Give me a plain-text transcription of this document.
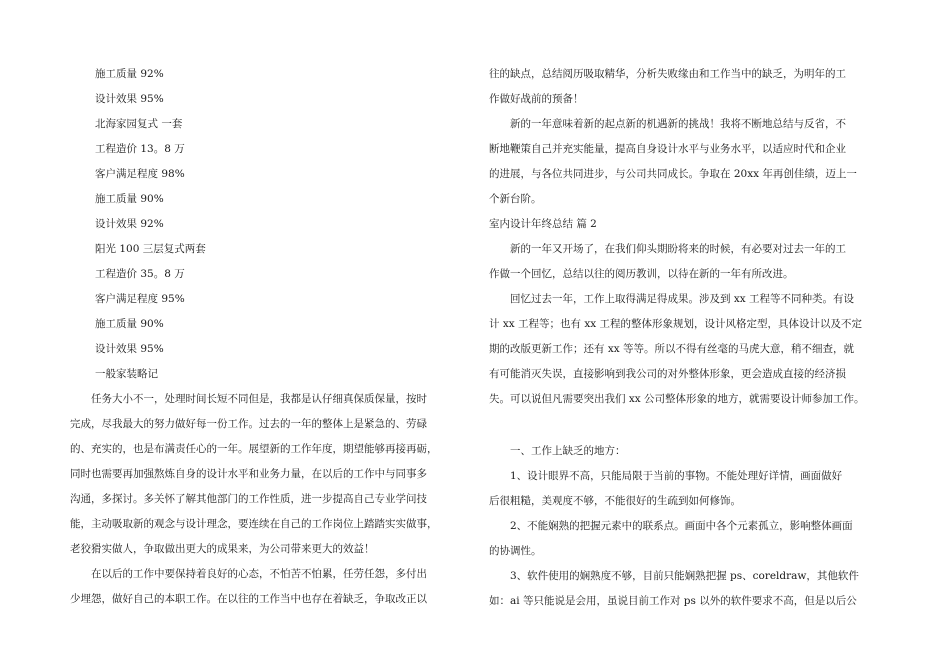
施工质量 92%
设计效果 95%
北海家园复式 一套
工程造价 13。8 万
客户满足程度 98%
施工质量 90%
设计效果 92%
阳光 100 三层复式两套
工程造价 35。8 万
客户满足程度 95%
施工质量 90%
设计效果 95%
一般家装略记
任务大小不一，处理时间长短不同但是，我都是认仔细真保质保量，按时
完成，尽我最大的努力做好每一份工作。过去的一年的整体上是紧急的、劳碌
的、充实的，也是布满责任心的一年。展望新的工作年度，期望能够再接再砺，
同时也需要再加强熬炼自身的设计水平和业务力量，在以后的工作中与同事多
沟通，多探讨。多关怀了解其他部门的工作性质，进一步提高自己专业学问技
能，主动吸取新的观念与设计理念，要连续在自己的工作岗位上踏踏实实做事，
老狡猾实做人，争取做出更大的成果来，为公司带来更大的效益！
在以后的工作中要保持着良好的心态，不怕苦不怕累，任劳任怨，多付出
少埋怨，做好自己的本职工作。在以往的工作当中也存在着缺乏，争取改正以
往的缺点，总结阅历吸取精华，分析失败缘由和工作当中的缺乏，为明年的工
作做好战前的预备！
新的一年意味着新的起点新的机遇新的挑战！我将不断地总结与反省，不
断地鞭策自己并充实能量，提高自身设计水平与业务水平，以适应时代和企业
的进展，与各位共同进步，与公司共同成长。争取在 20xx 年再创佳绩，迈上一
个新台阶。
室内设计年终总结 篇 2
新的一年又开场了，在我们仰头期盼将来的时候，有必要对过去一年的工
作做一个回忆，总结以往的阅历教训，以待在新的一年有所改进。
回忆过去一年，工作上取得满足得成果。涉及到 xx 工程等不同种类。有设
计 xx 工程等；也有 xx 工程的整体形象规划，设计风格定型，具体设计以及不定
期的改版更新工作；还有 xx 等等。所以不得有丝毫的马虎大意，稍不细查，就
有可能消灭失误，直接影响到我公司的对外整体形象，更会造成直接的经济损
失。可以说但凡需要突出我们 xx 公司整体形象的地方，就需要设计师参加工作。
一、工作上缺乏的地方：
1、设计眼界不高，只能局限于当前的事物。不能处理好详情，画面做好
后很粗糙，美观度不够，不能很好的生疏到如何修饰。
2、不能娴熟的把握元素中的联系点。画面中各个元素孤立，影响整体画面
的协调性。
3、软件使用的娴熟度不够，目前只能娴熟把握 ps、coreldraw，其他软件
如：ai 等只能说是会用，虽说目前工作对 ps 以外的软件要求不高，但是以后公
